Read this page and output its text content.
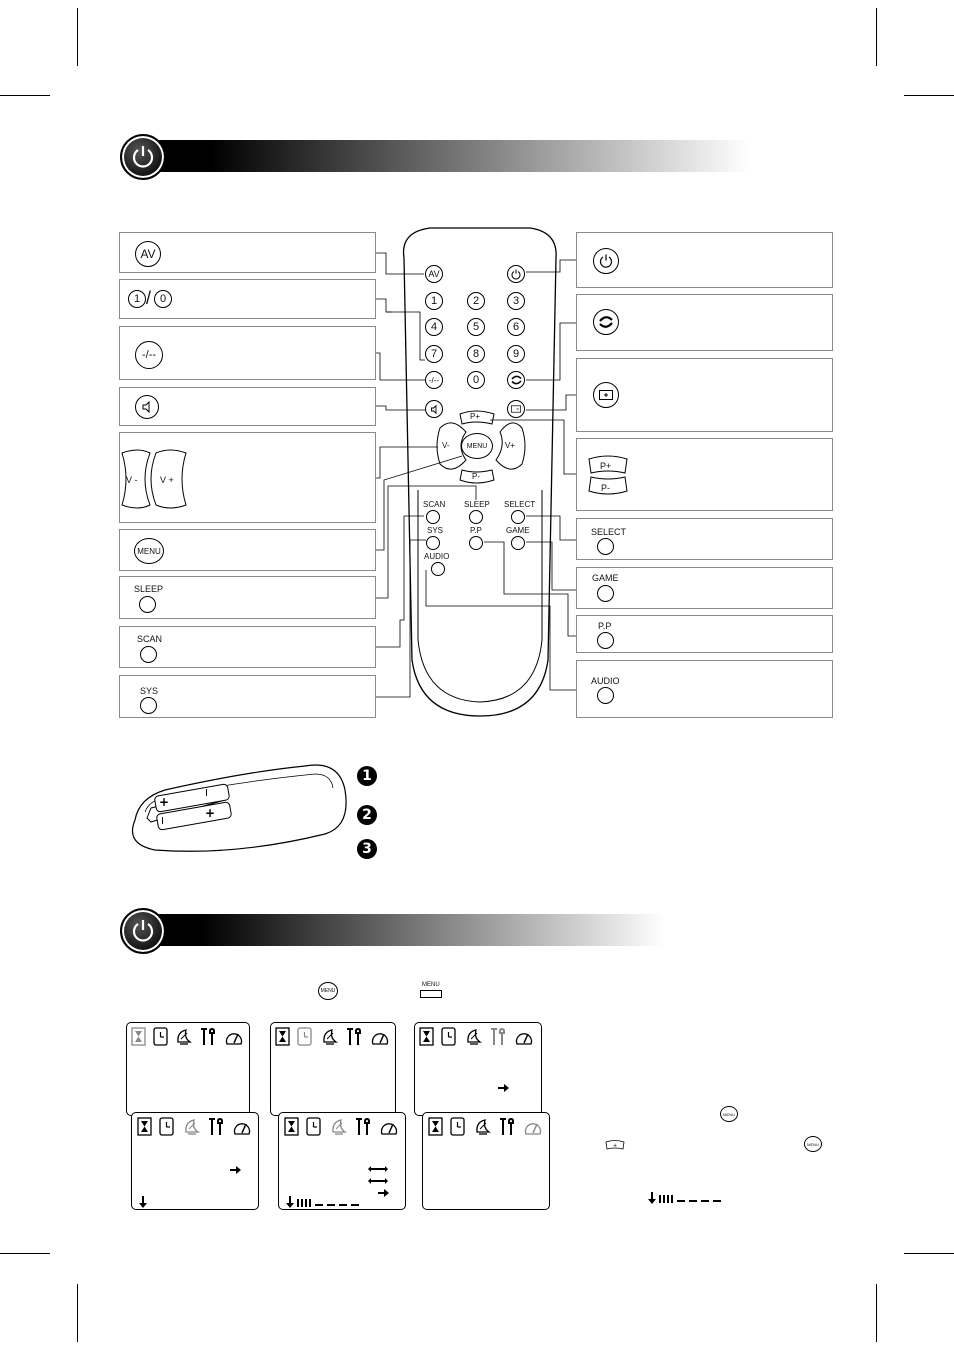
AV
1 / 0
-/--
V - V +
MENU
SLEEP
SCAN
SYS
P+
P-
SELECT
GAME
P.P
AUDIO
AV
1	2	3
4	5	6
7	8	9
-/--	0
P+
V- MENU V+
P-
SCAN SLEEP SELECT
SYS	P.P	GAME
AUDIO
+
I
I
+
1
2
3
MENU
MENU
MENU
+	MENU
